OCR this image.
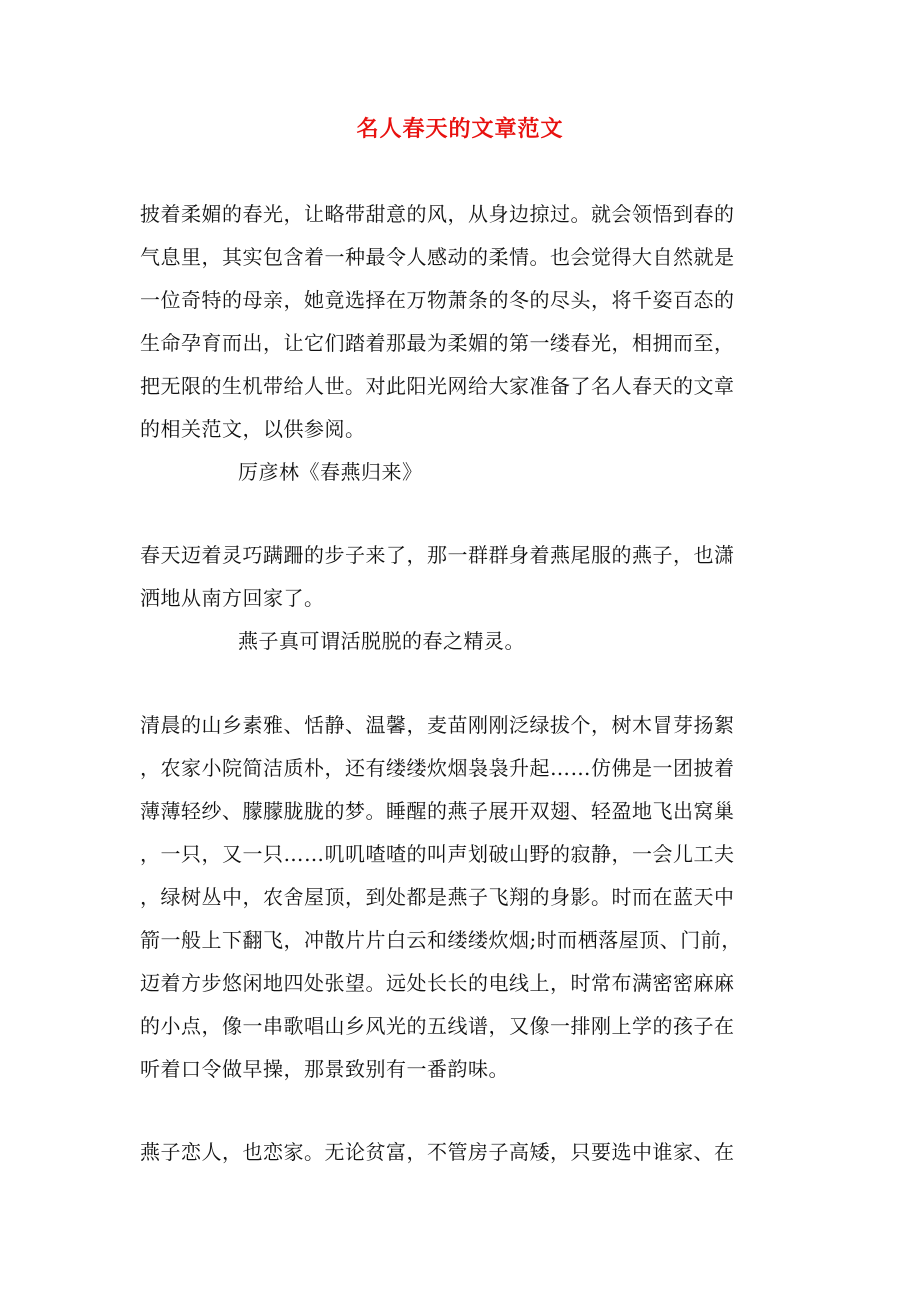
名人春天的文章范文
披着柔媚的春光，让略带甜意的风，从身边掠过。就会领悟到春的
气息里，其实包含着一种最令人感动的柔情。也会觉得大自然就是
一位奇特的母亲，她竟选择在万物萧条的冬的尽头，将千姿百态的
生命孕育而出，让它们踏着那最为柔媚的第一缕春光，相拥而至，
把无限的生机带给人世。对此阳光网给大家准备了名人春天的文章
的相关范文，以供参阅。
厉彦林《春燕归来》
春天迈着灵巧蹒跚的步子来了，那一群群身着燕尾服的燕子，也潇
洒地从南方回家了。
燕子真可谓活脱脱的春之精灵。
清晨的山乡素雅、恬静、温馨，麦苗刚刚泛绿拔个，树木冒芽扬絮
，农家小院简洁质朴，还有缕缕炊烟袅袅升起……仿佛是一团披着
薄薄轻纱、朦朦胧胧的梦。睡醒的燕子展开双翅、轻盈地飞出窝巢
，一只，又一只……叽叽喳喳的叫声划破山野的寂静，一会儿工夫
，绿树丛中，农舍屋顶，到处都是燕子飞翔的身影。时而在蓝天中
箭一般上下翻飞，冲散片片白云和缕缕炊烟;时而栖落屋顶、门前，
迈着方步悠闲地四处张望。远处长长的电线上，时常布满密密麻麻
的小点，像一串歌唱山乡风光的五线谱，又像一排刚上学的孩子在
听着口令做早操，那景致别有一番韵味。
燕子恋人，也恋家。无论贫富，不管房子高矮，只要选中谁家、在
